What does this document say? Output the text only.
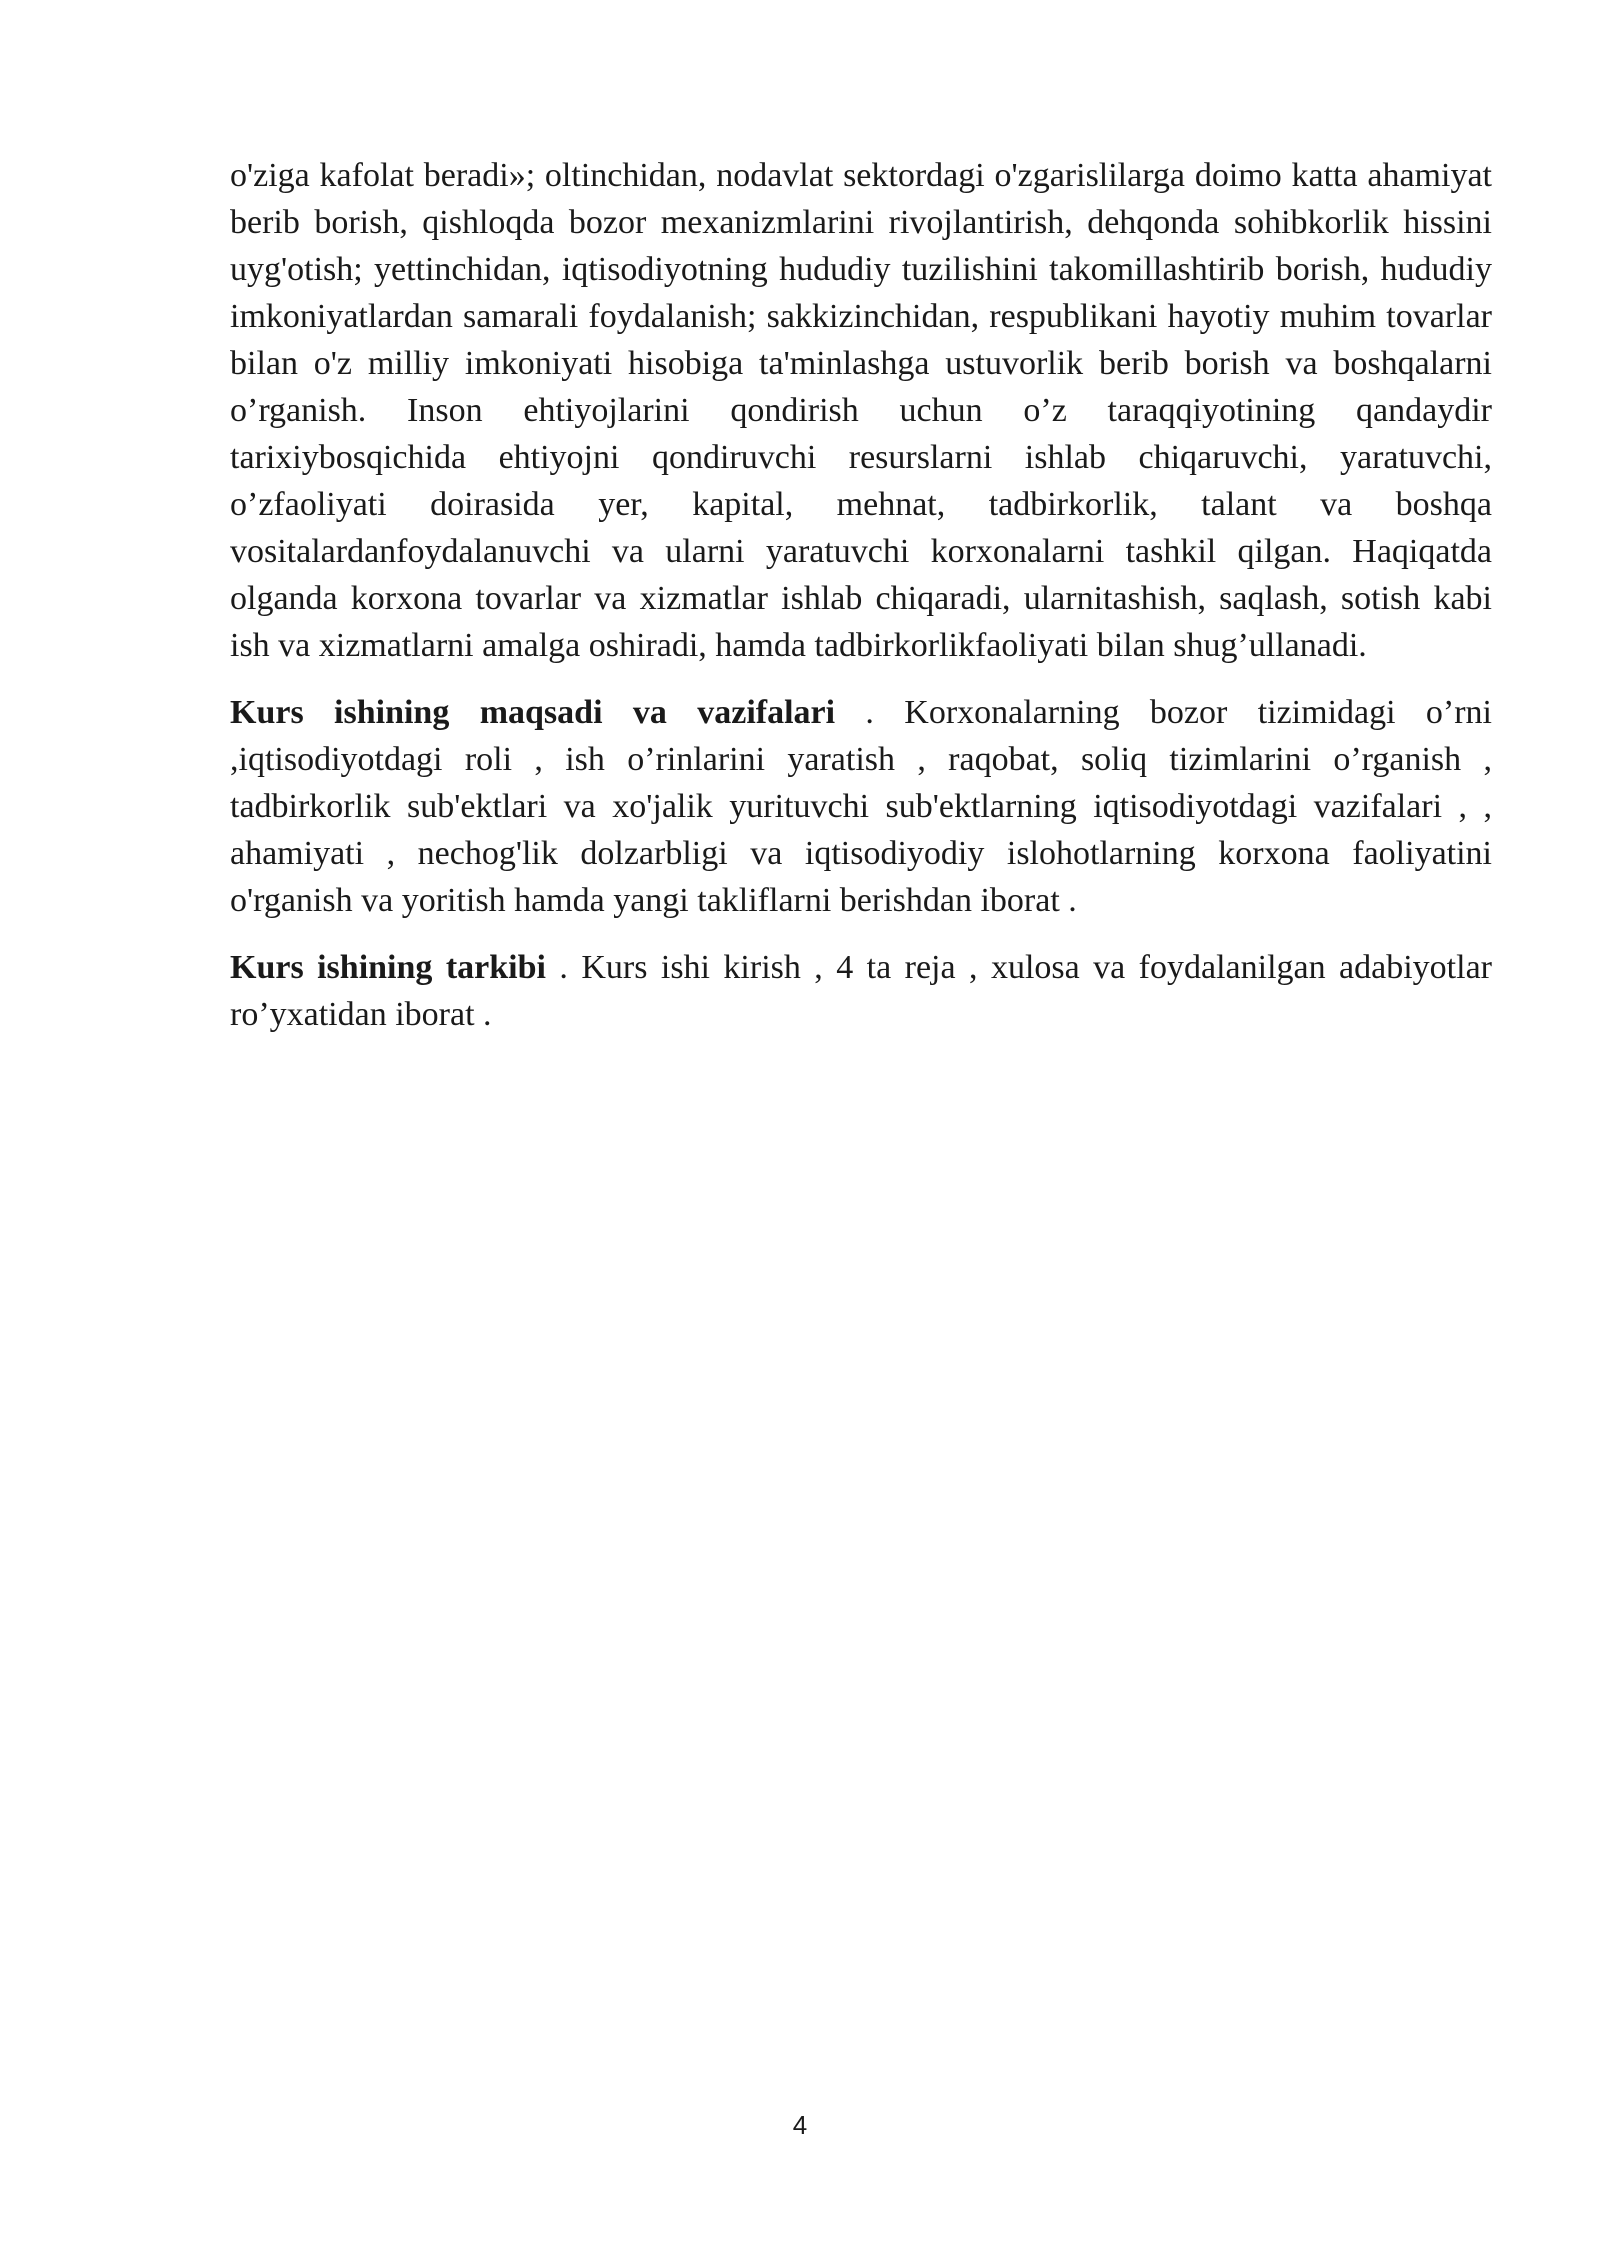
o'ziga kafolat beradi»; oltinchidan, nodavlat sektordagi o'zgarislilarga doimo katta ahamiyat berib borish, qishloqda bozor mexanizmlarini rivojlantirish, dehqonda sohibkorlik hissini uyg'otish; yettinchidan, iqtisodiyotning hududiy tuzilishini takomillashtirib borish, hududiy imkoniyatlardan samarali foydalanish; sakkizinchidan, respublikani hayotiy muhim tovarlar bilan o'z milliy imkoniyati hisobiga ta'minlashga ustuvorlik berib borish va boshqalarni o’rganish. Inson ehtiyojlarini qondirish uchun o’z taraqqiyotining qandaydir tarixiybosqichida ehtiyojni qondiruvchi resurslarni ishlab chiqaruvchi, yaratuvchi, o’zfaoliyati doirasida yer, kapital, mehnat, tadbirkorlik, talant va boshqa vositalardanfoydalanuvchi va ularni yaratuvchi korxonalarni tashkil qilgan. Haqiqatda olganda korxona tovarlar va xizmatlar ishlab chiqaradi, ularnitashish, saqlash, sotish kabi ish va xizmatlarni amalga oshiradi, hamda tadbirkorlikfaoliyati bilan shug’ullanadi.

Kurs ishining maqsadi va vazifalari . Korxonalarning bozor tizimidagi o’rni ,iqtisodiyotdagi roli , ish o’rinlarini yaratish , raqobat, soliq tizimlarini o’rganish , tadbirkorlik sub'ektlari va xo'jalik yurituvchi sub'ektlarning iqtisodiyotdagi vazifalari , , ahamiyati , nechog'lik dolzarbligi va iqtisodiyodiy islohotlarning korxona faoliyatini o'rganish va yoritish hamda yangi takliflarni berishdan iborat .

Kurs ishining tarkibi . Kurs ishi kirish , 4 ta reja , xulosa va foydalanilgan adabiyotlar ro’yxatidan iborat .

4
